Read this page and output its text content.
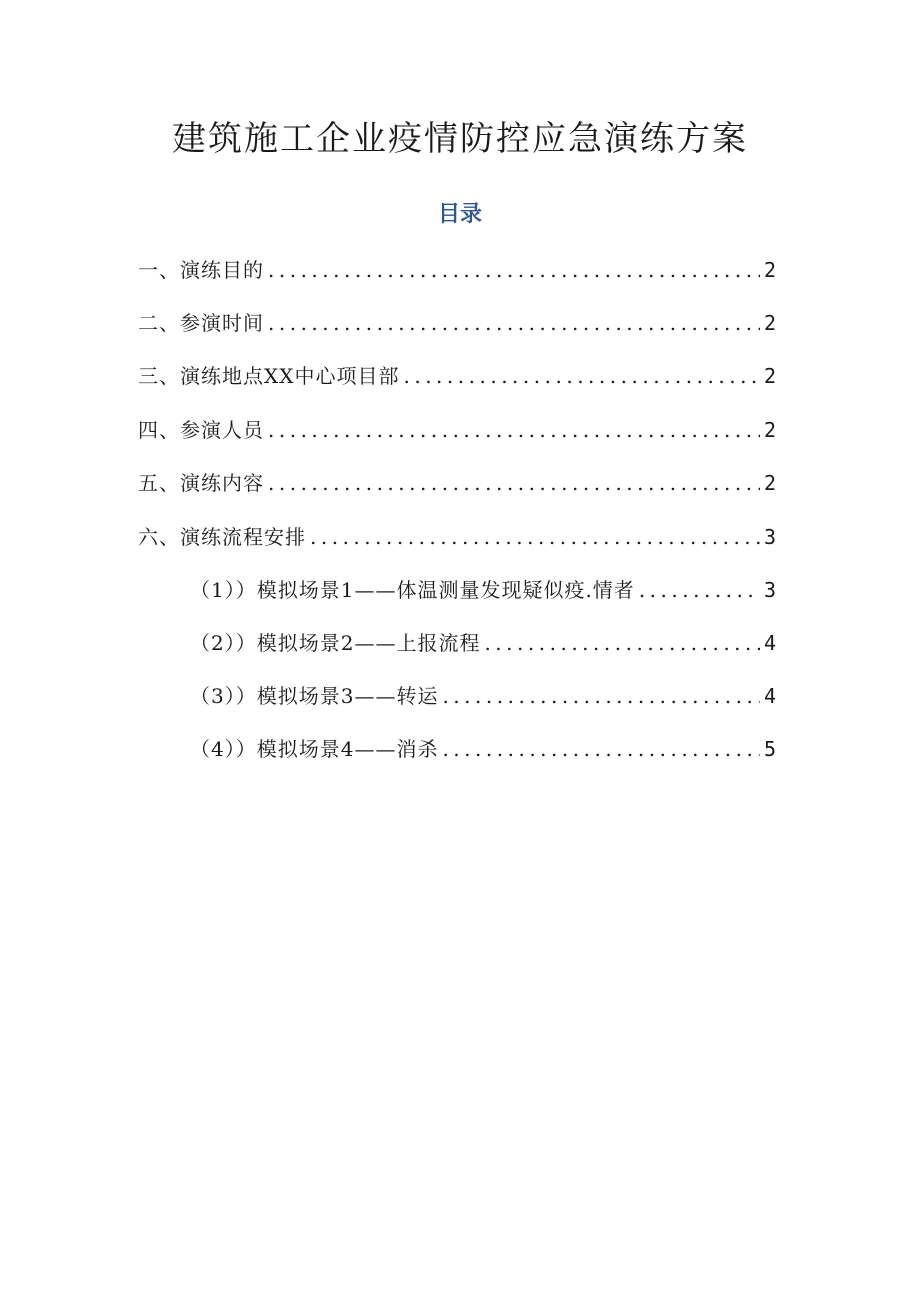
建筑施工企业疫情防控应急演练方案
目录
一、演练目的 .....	2
二、参演时间 .....	2
三、演练地点XX中心项目部 .....	2
四、参演人员 .....	2
五、演练内容 .....	2
六、演练流程安排 .....	3
（1））模拟场景1——体温测量发现疑似疫.情者 .....	3
（2））模拟场景2——上报流程 .....	4
（3））模拟场景3——转运 .....	4
（4））模拟场景4——消杀 .....	5
